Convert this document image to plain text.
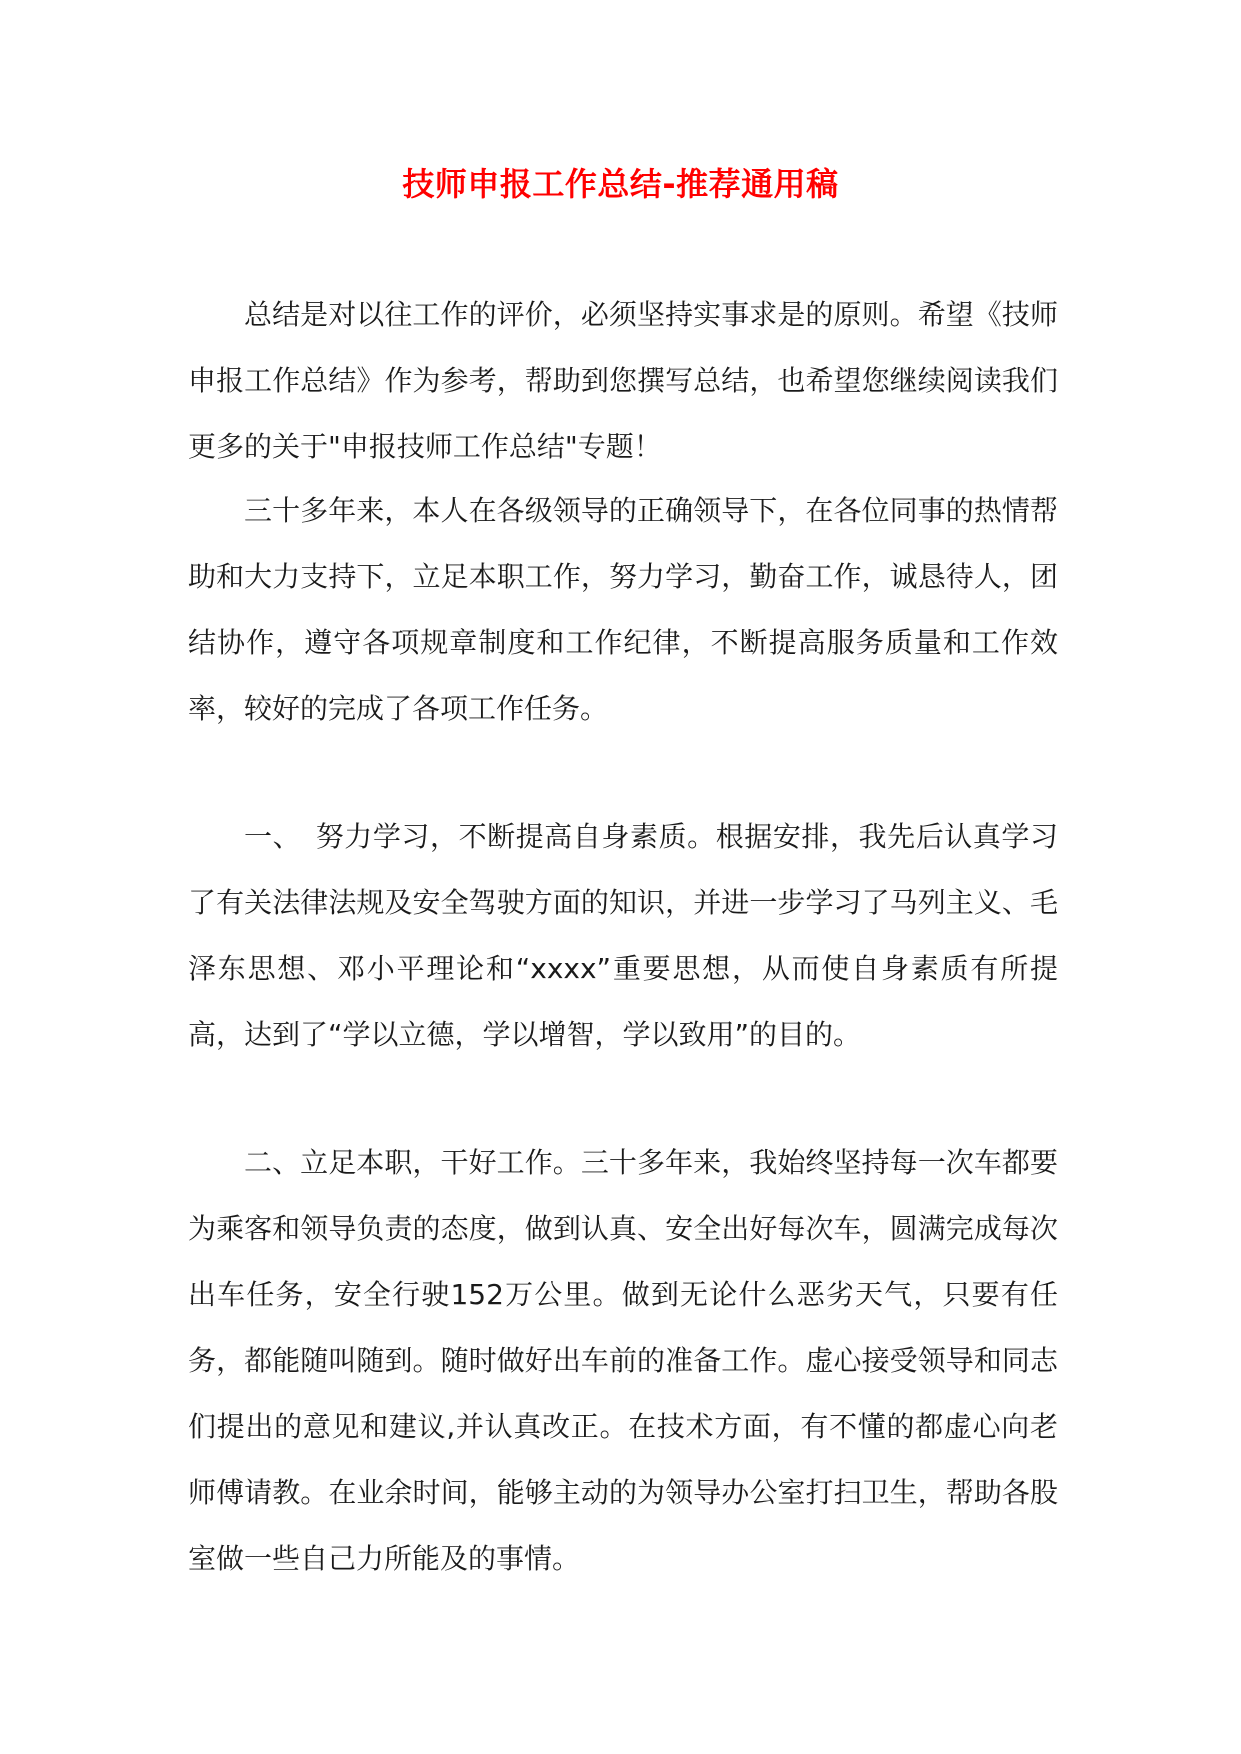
技师申报工作总结-推荐通用稿

总结是对以往工作的评价，必须坚持实事求是的原则。希望《技师申报工作总结》作为参考，帮助到您撰写总结，也希望您继续阅读我们更多的关于"申报技师工作总结"专题！

三十多年来，本人在各级领导的正确领导下，在各位同事的热情帮助和大力支持下，立足本职工作，努力学习，勤奋工作，诚恳待人，团结协作，遵守各项规章制度和工作纪律，不断提高服务质量和工作效率，较好的完成了各项工作任务。

一、　努力学习，不断提高自身素质。根据安排，我先后认真学习了有关法律法规及安全驾驶方面的知识，并进一步学习了马列主义、毛泽东思想、邓小平理论和“xxxx”重要思想，从而使自身素质有所提高，达到了“学以立德，学以增智，学以致用”的目的。

二、立足本职，干好工作。三十多年来，我始终坚持每一次车都要为乘客和领导负责的态度，做到认真、安全出好每次车，圆满完成每次出车任务，安全行驶152万公里。做到无论什么恶劣天气，只要有任务，都能随叫随到。随时做好出车前的准备工作。虚心接受领导和同志们提出的意见和建议,并认真改正。在技术方面，有不懂的都虚心向老师傅请教。在业余时间，能够主动的为领导办公室打扫卫生，帮助各股室做一些自己力所能及的事情。
